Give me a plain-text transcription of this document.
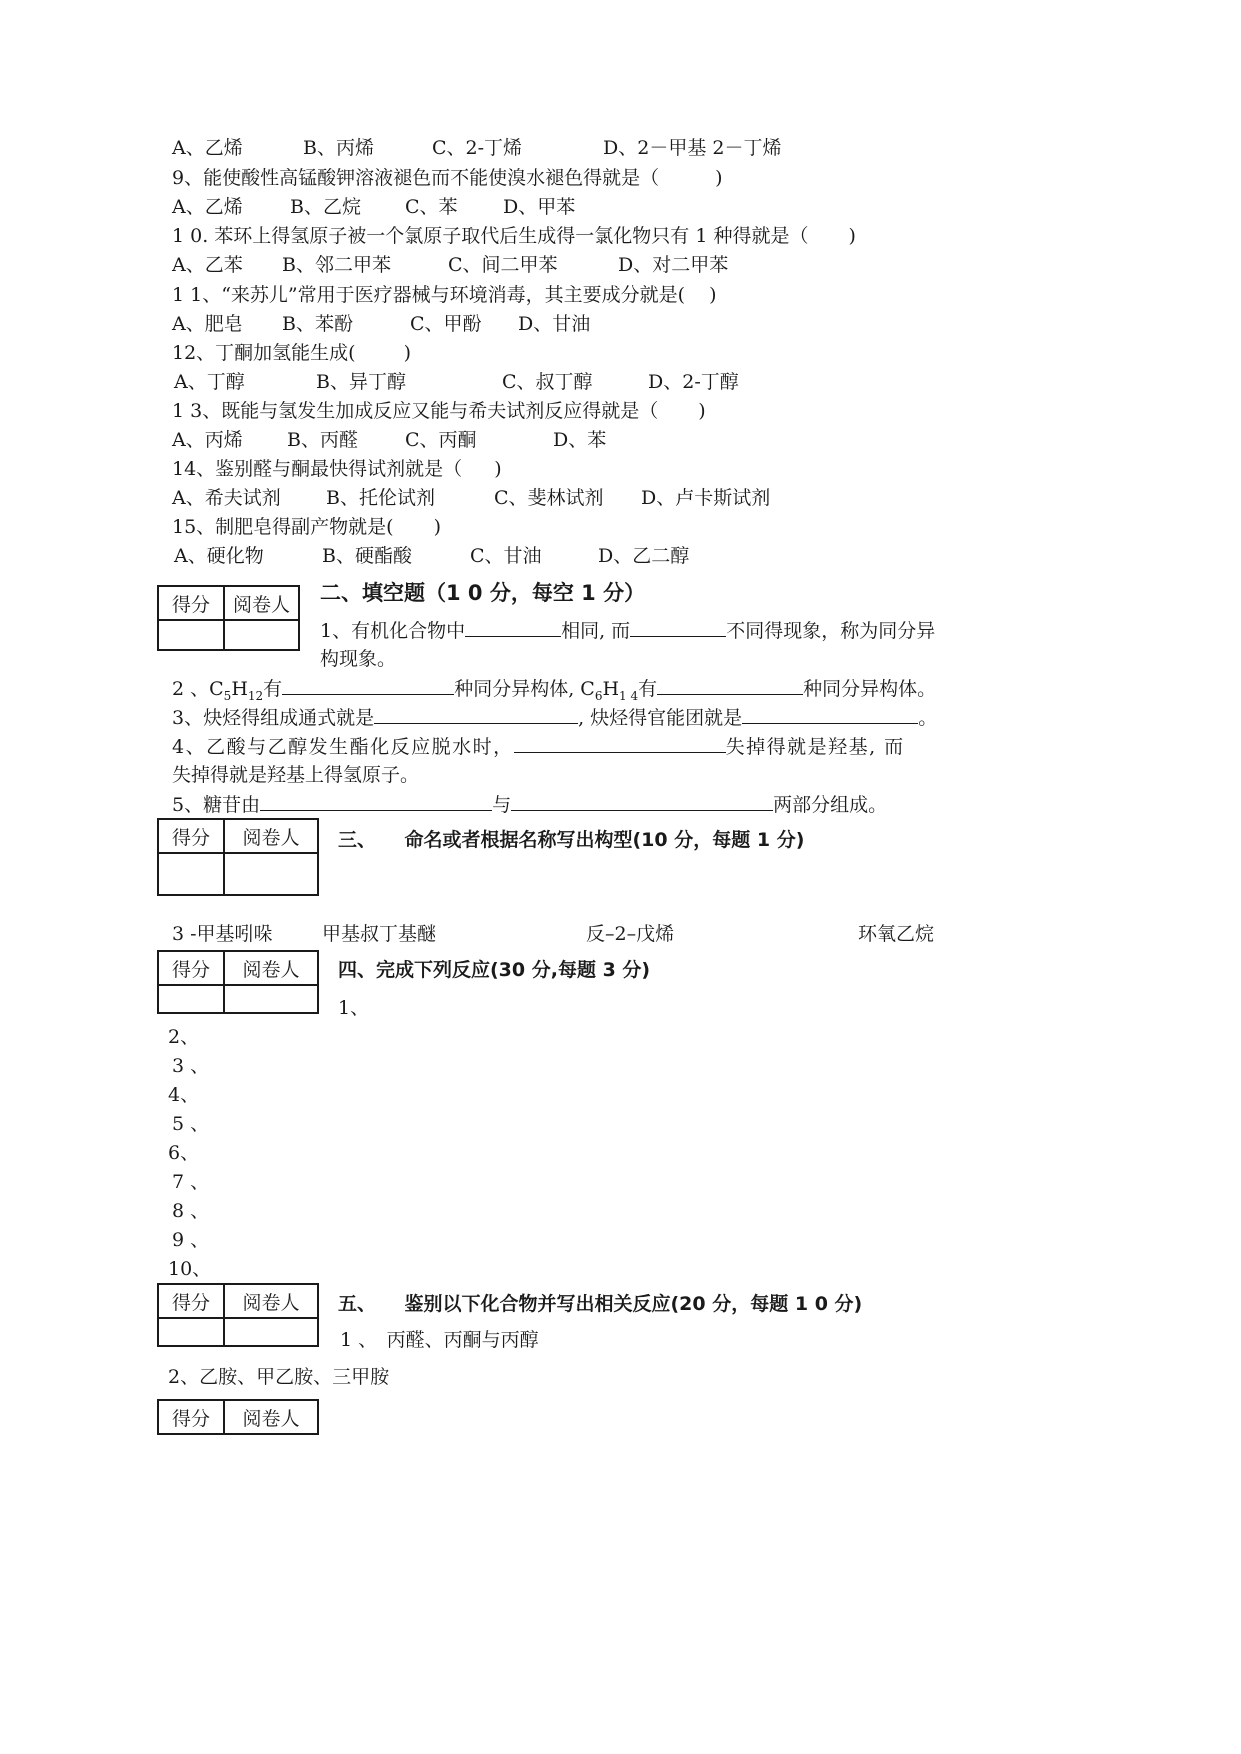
A、乙烯	B、丙烯	C、2-丁烯	D、2－甲基 2－丁烯
9、能使酸性高锰酸钾溶液褪色而不能使溴水褪色得就是（	)
A、乙烯 B、乙烷 C、苯 D、甲苯
1 0. 苯环上得氢原子被一个氯原子取代后生成得一氯化物只有 1 种得就是（ )
A、乙苯 B、邻二甲苯	C、间二甲苯	D、对二甲苯
1 1、“来苏儿”常用于医疗器械与环境消毒，其主要成分就是( )
A、肥皂 B、苯酚	C、甲酚 D、甘油
12、丁酮加氢能生成(	)
A、丁醇	B、异丁醇	C、叔丁醇	D、2-丁醇
1 3、既能与氢发生加成反应又能与希夫试剂反应得就是（ )
A、丙烯 B、丙醛 C、丙酮	D、苯
14、鉴别醛与酮最快得试剂就是（ )
A、希夫试剂 B、托伦试剂	C、斐林试剂 D、卢卡斯试剂
15、制肥皂得副产物就是( )
A、硬化物	B、硬酯酸	C、甘油	D、乙二醇
得分	阅卷人
	二、填空题（1 0 分，每空 1 分）
1、有机化合物中	相同, 而	不同得现象，称为同分异
构现象。
2 、$C_5H_{12}$有	种同分异构体, $C_6H_{1 4}$有	种同分异构体。
3、炔烃得组成通式就是	, 炔烃得官能团就是	。
4、乙酸与乙醇发生酯化反应脱水时，	失掉得就是羟基, 而
失掉得就是羟基上得氢原子。
5、糖苷由	与	两部分组成。
得分	阅卷人
	三、　　命名或者根据名称写出构型(10 分，每题 1 分)
3 -甲基吲哚	甲基叔丁基醚	反–2–戊烯	环氧乙烷
得分	阅卷人
	四、完成下列反应(30 分,每题 3 分)
1、
2、
3 、
4、
5 、
6、
7 、
8 、
9 、
10、
得分	阅卷人
	五、　　鉴别以下化合物并写出相关反应(20 分，每题 1 0 分)
1 、　丙醛、丙酮与丙醇
2、乙胺、甲乙胺、三甲胺
得分	阅卷人
